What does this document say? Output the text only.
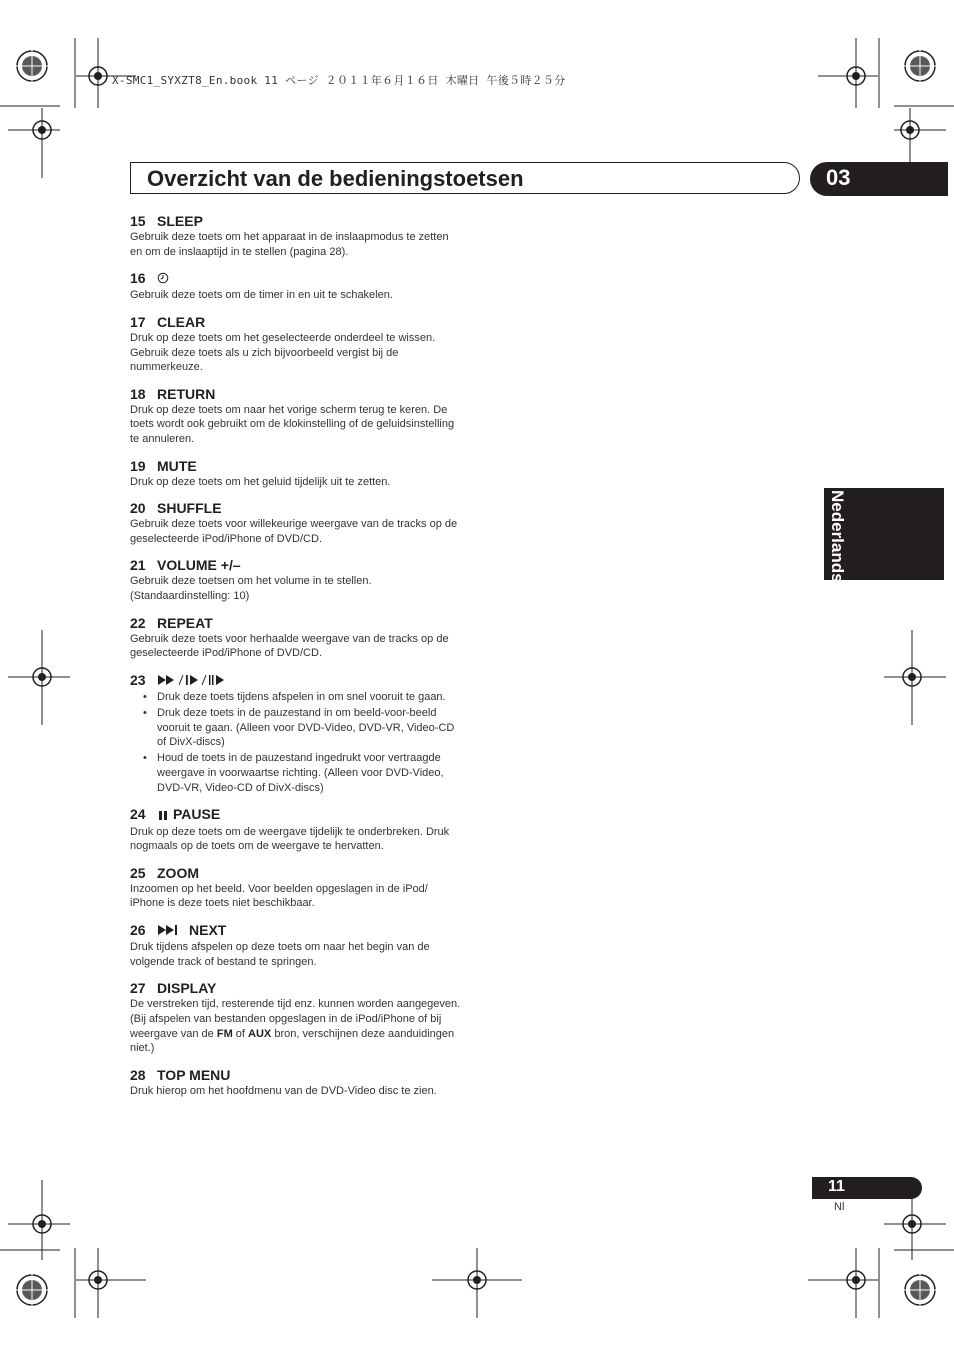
X-SMC1_SYXZT8_En.book 11 ページ ２０１１年６月１６日 木曜日 午後５時２５分
Overzicht van de bedieningstoetsen	03
Nederlands
15 SLEEP
Gebruik deze toets om het apparaat in de inslaapmodus te zetten en om de inslaaptijd in te stellen (pagina 28).
16
Gebruik deze toets om de timer in en uit te schakelen.
17 CLEAR
Druk op deze toets om het geselecteerde onderdeel te wissen. Gebruik deze toets als u zich bijvoorbeeld vergist bij de nummerkeuze.
18 RETURN
Druk op deze toets om naar het vorige scherm terug te keren. De toets wordt ook gebruikt om de klokinstelling of de geluidsinstelling te annuleren.
19 MUTE
Druk op deze toets om het geluid tijdelijk uit te zetten.
20 SHUFFLE
Gebruik deze toets voor willekeurige weergave van de tracks op de geselecteerde iPod/iPhone of DVD/CD.
21 VOLUME +/–
Gebruik deze toetsen om het volume in te stellen. (Standaardinstelling: 10)
22 REPEAT
Gebruik deze toets voor herhaalde weergave van de tracks op de geselecteerde iPod/iPhone of DVD/CD.
23
• Druk deze toets tijdens afspelen in om snel vooruit te gaan.
• Druk deze toets in de pauzestand in om beeld-voor-beeld vooruit te gaan. (Alleen voor DVD-Video, DVD-VR, Video-CD of DivX-discs)
• Houd de toets in de pauzestand ingedrukt voor vertraagde weergave in voorwaartse richting. (Alleen voor DVD-Video, DVD-VR, Video-CD of DivX-discs)
24 PAUSE
Druk op deze toets om de weergave tijdelijk te onderbreken. Druk nogmaals op de toets om de weergave te hervatten.
25 ZOOM
Inzoomen op het beeld. Voor beelden opgeslagen in de iPod/ iPhone is deze toets niet beschikbaar.
26	NEXT
Druk tijdens afspelen op deze toets om naar het begin van de volgende track of bestand te springen.
27 DISPLAY
De verstreken tijd, resterende tijd enz. kunnen worden aangegeven. (Bij afspelen van bestanden opgeslagen in de iPod/iPhone of bij weergave van de FM of AUX bron, verschijnen deze aanduidingen niet.)
28 TOP MENU
Druk hierop om het hoofdmenu van de DVD-Video disc te zien.
11
Nl
